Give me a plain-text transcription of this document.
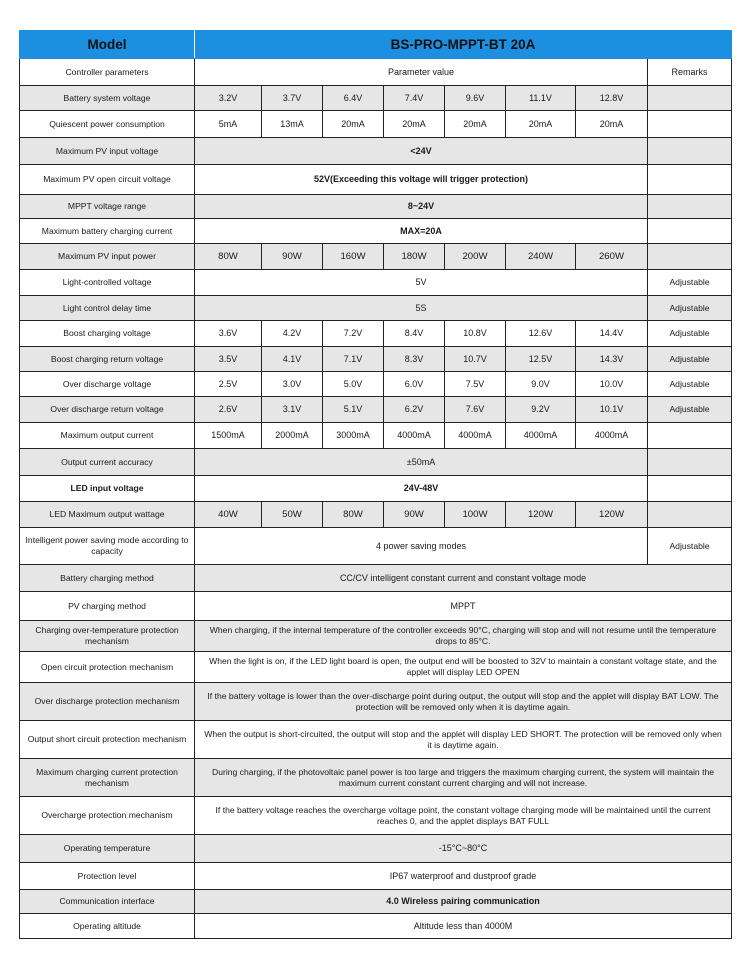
Model	BS-PRO-MPPT-BT 20A							
Controller parameters	Parameter value							Remarks
Battery system voltage	3.2V	3.7V	6.4V	7.4V	9.6V	11.1V	12.8V	
Quiescent power consumption	5mA	13mA	20mA	20mA	20mA	20mA	20mA	
Maximum PV input voltage	<24V							
Maximum PV open circuit voltage	52V(Exceeding this voltage will trigger protection)							
MPPT voltage range	8~24V							
Maximum battery charging current	MAX=20A							
Maximum PV input power	80W	90W	160W	180W	200W	240W	260W	
Light-controlled voltage	5V							Adjustable
Light control delay time	5S							Adjustable
Boost charging voltage	3.6V	4.2V	7.2V	8.4V	10.8V	12.6V	14.4V	Adjustable
Boost charging return voltage	3.5V	4.1V	7.1V	8.3V	10.7V	12.5V	14.3V	Adjustable
Over discharge voltage	2.5V	3.0V	5.0V	6.0V	7.5V	9.0V	10.0V	Adjustable
Over discharge return voltage	2.6V	3.1V	5.1V	6.2V	7.6V	9.2V	10.1V	Adjustable
Maximum output current	1500mA	2000mA	3000mA	4000mA	4000mA	4000mA	4000mA	
Output current accuracy	±50mA							
LED input voltage	24V-48V							
LED Maximum output wattage	40W	50W	80W	90W	100W	120W	120W	
Intelligent power saving mode according to capacity	4 power saving modes							Adjustable
Battery charging method	CC/CV intelligent constant current and constant voltage mode							
PV charging method	MPPT							
Charging over-temperature protection mechanism	When charging, if the internal temperature of the controller exceeds 90°C, charging will stop and will not resume until the temperature drops to 85°C.							
Open circuit protection mechanism	When the light is on, if the LED light board is open, the output end will be boosted to 32V to maintain a constant voltage state, and the applet will display LED OPEN							
Over discharge protection mechanism	If the battery voltage is lower than the over-discharge point during output, the output will stop and the applet will display BAT LOW. The protection will be removed only when it is daytime again.							
Output short circuit protection mechanism	When the output is short-circuited, the output will stop and the applet will display LED SHORT. The protection will be removed only when it is daytime again.							
Maximum charging current protection mechanism	During charging, if the photovoltaic panel power is too large and triggers the maximum charging current, the system will maintain the maximum current constant current charging and will not increase.							
Overcharge protection mechanism	If the battery voltage reaches the overcharge voltage point, the constant voltage charging mode will be maintained until the current reaches 0, and the applet displays BAT FULL							
Operating temperature	-15°C~80°C							
Protection level	IP67 waterproof and dustproof grade							
Communication interface	4.0 Wireless pairing communication							
Operating altitude	Altitude less than 4000M							
